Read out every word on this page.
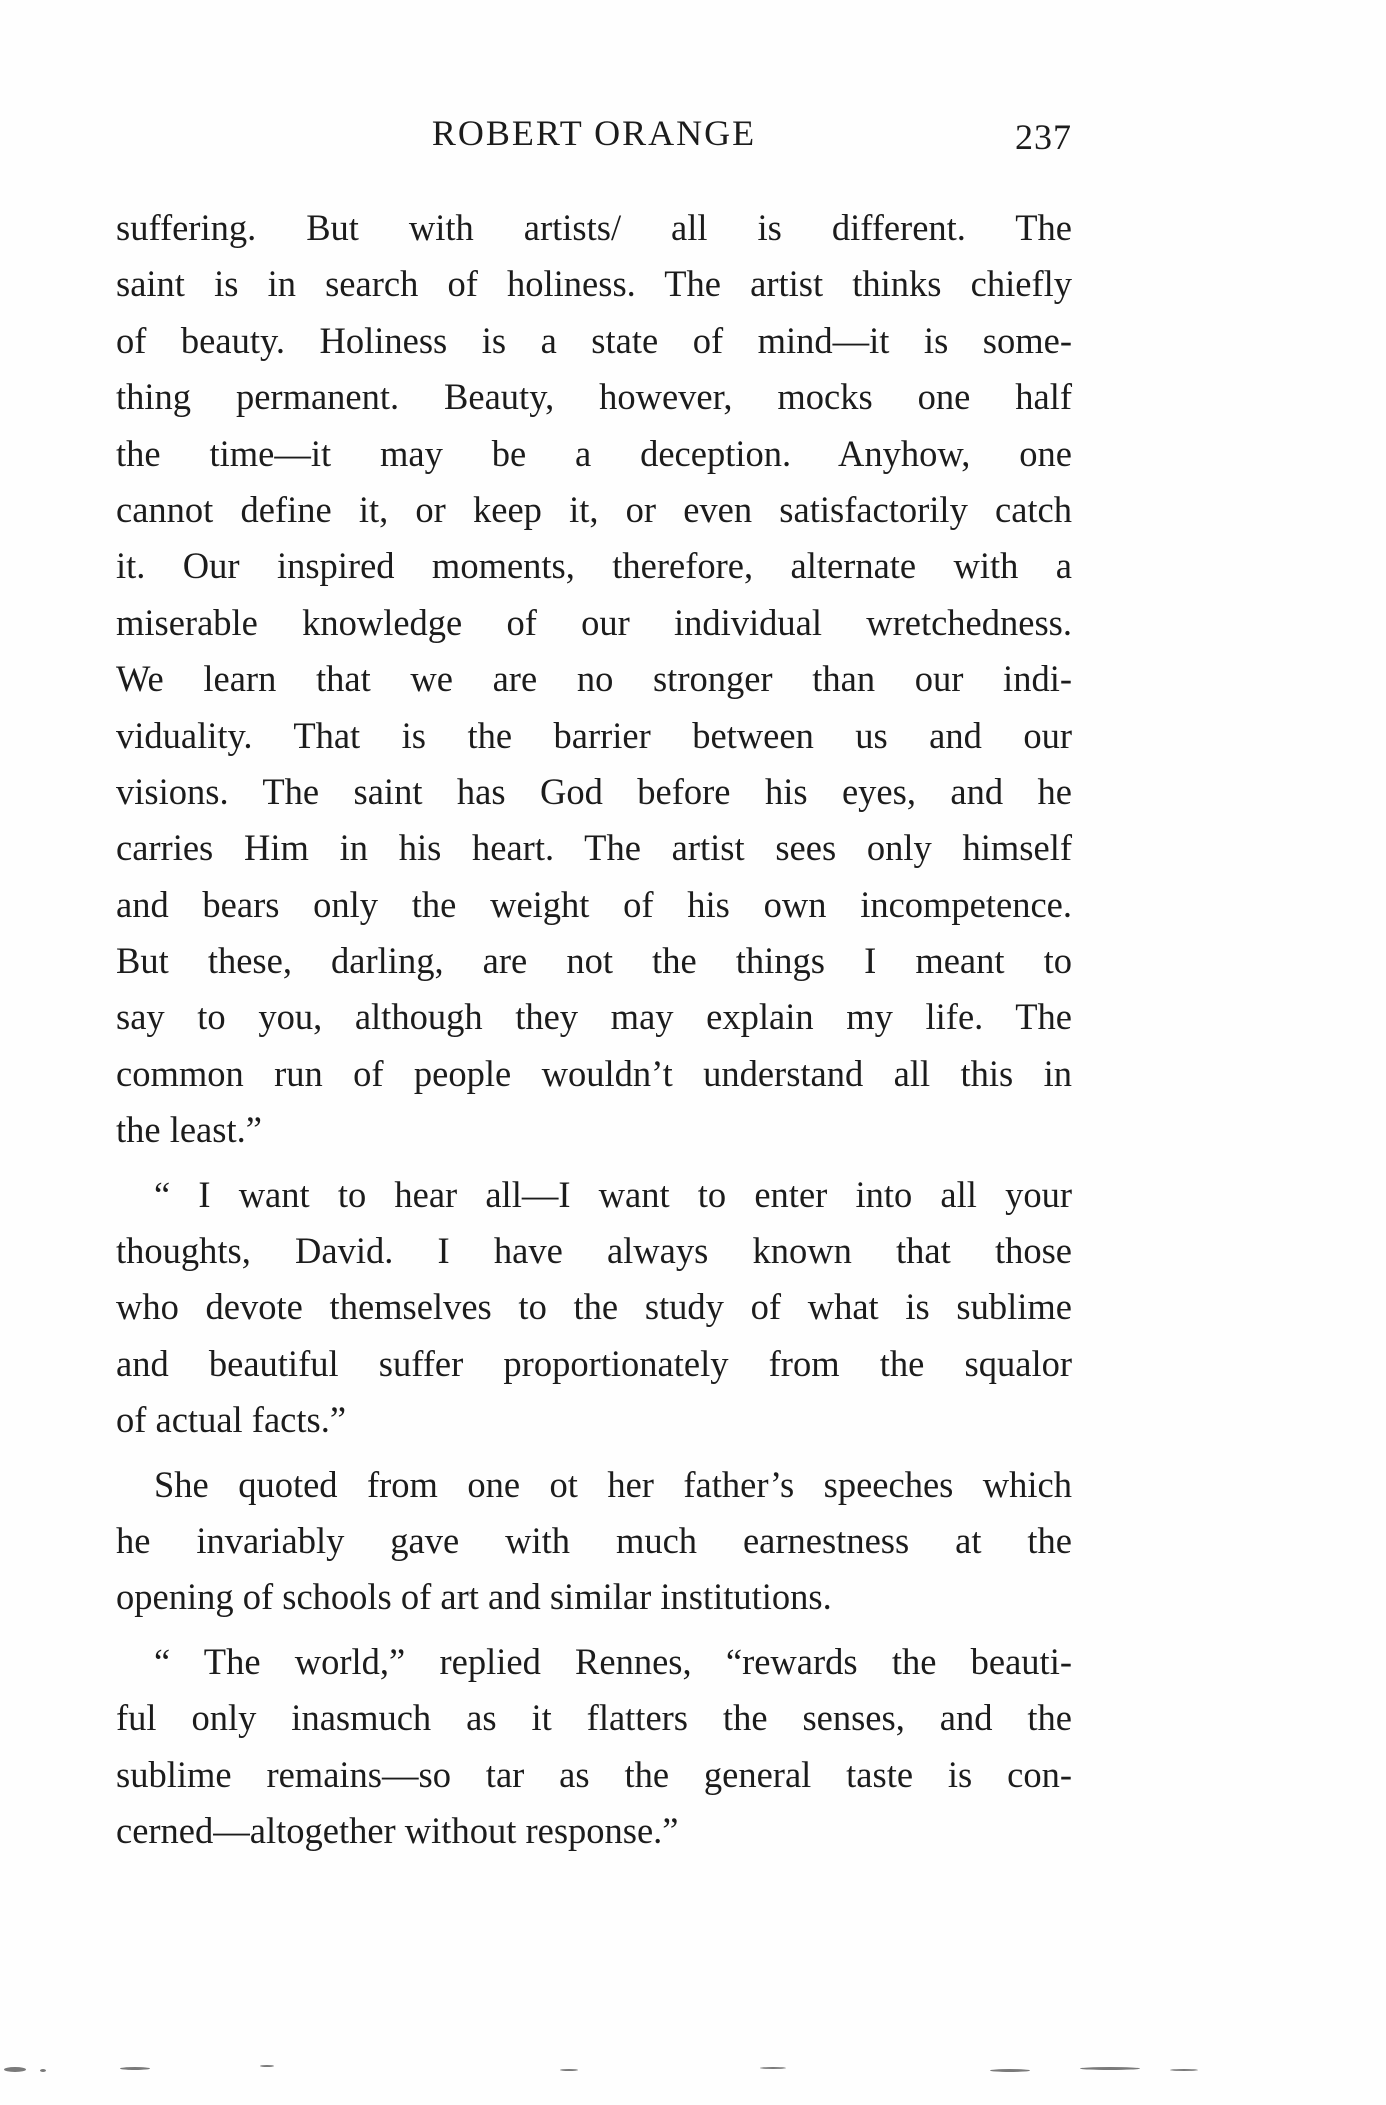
ROBERT ORANGE	237
suffering. But with artists/ all is different. The
saint is in search of holiness. The artist thinks chiefly
of beauty. Holiness is a state of mind—it is some-
thing permanent. Beauty, however, mocks one half
the time—it may be a deception. Anyhow, one
cannot define it, or keep it, or even satisfactorily catch
it. Our inspired moments, therefore, alternate with a
miserable knowledge of our individual wretchedness.
We learn that we are no stronger than our indi-
viduality. That is the barrier between us and our
visions. The saint has God before his eyes, and he
carries Him in his heart. The artist sees only himself
and bears only the weight of his own incompetence.
But these, darling, are not the things I meant to
say to you, although they may explain my life. The
common run of people wouldn’t understand all this in
the least.”
“ I want to hear all—I want to enter into all your
thoughts, David. I have always known that those
who devote themselves to the study of what is sublime
and beautiful suffer proportionately from the squalor
of actual facts.”
She quoted from one ot her father’s speeches which
he invariably gave with much earnestness at the
opening of schools of art and similar institutions.
“ The world,” replied Rennes, “rewards the beauti-
ful only inasmuch as it flatters the senses, and the
sublime remains—so tar as the general taste is con-
cerned—altogether without response.”
